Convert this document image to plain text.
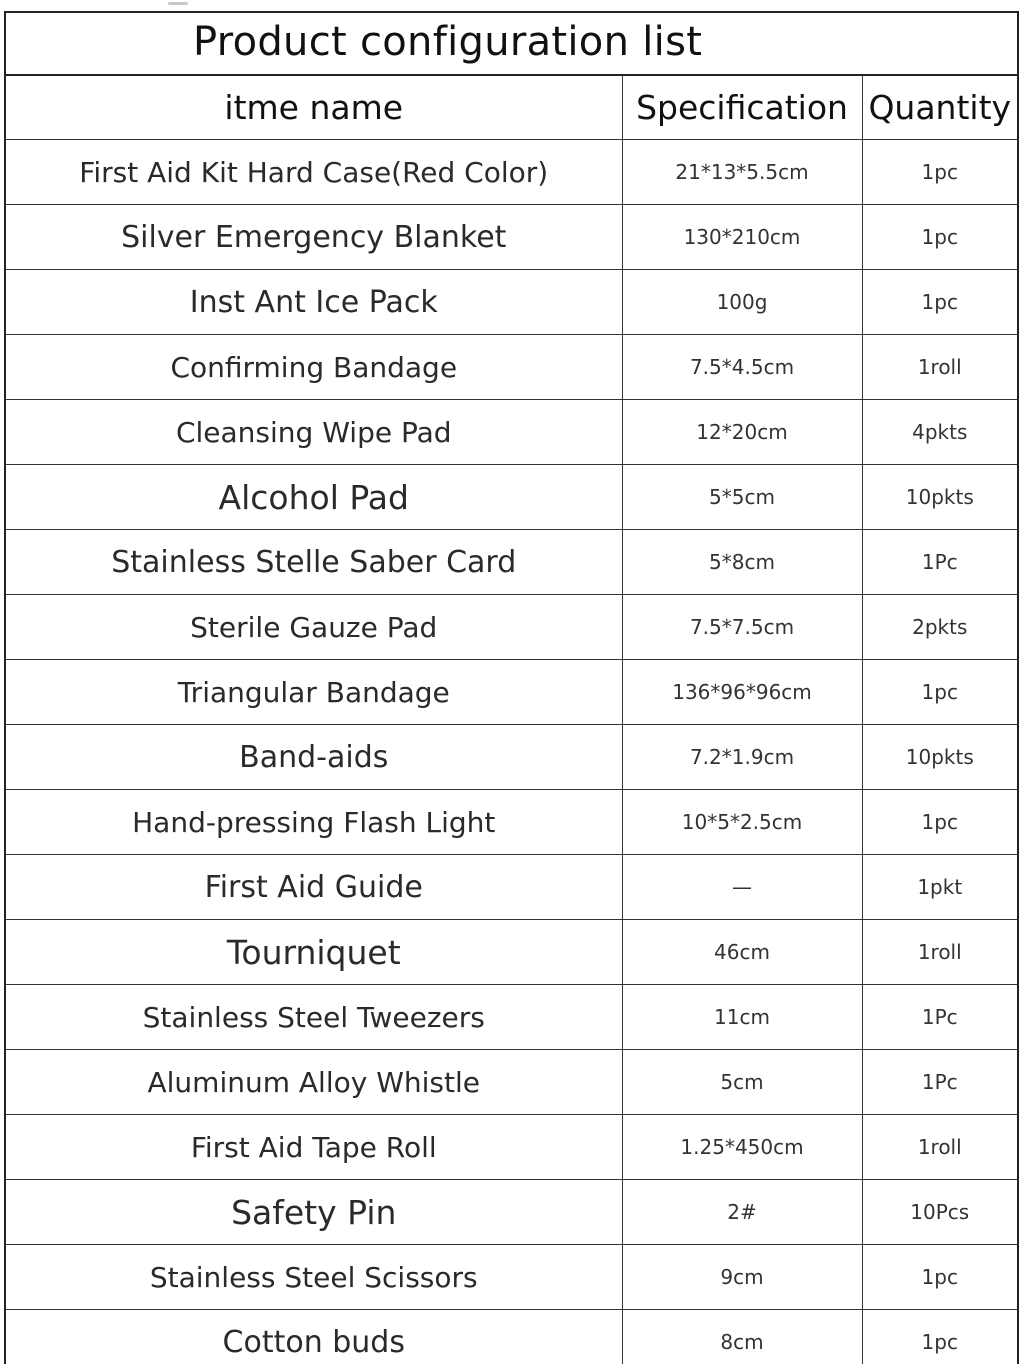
Product configuration list
itme name	Specification	Quantity
First Aid Kit Hard Case(Red Color)	21*13*5.5cm	1pc
Silver Emergency Blanket	130*210cm	1pc
Inst Ant Ice Pack	100g	1pc
Confirming Bandage	7.5*4.5cm	1roll
Cleansing Wipe Pad	12*20cm	4pkts
Alcohol Pad	5*5cm	10pkts
Stainless Stelle Saber Card	5*8cm	1Pc
Sterile Gauze Pad	7.5*7.5cm	2pkts
Triangular Bandage	136*96*96cm	1pc
Band-aids	7.2*1.9cm	10pkts
Hand-pressing Flash Light	10*5*2.5cm	1pc
First Aid Guide	—	1pkt
Tourniquet	46cm	1roll
Stainless Steel Tweezers	11cm	1Pc
Aluminum Alloy Whistle	5cm	1Pc
First Aid Tape Roll	1.25*450cm	1roll
Safety Pin	2#	10Pcs
Stainless Steel Scissors	9cm	1pc
Cotton buds	8cm	1pc
